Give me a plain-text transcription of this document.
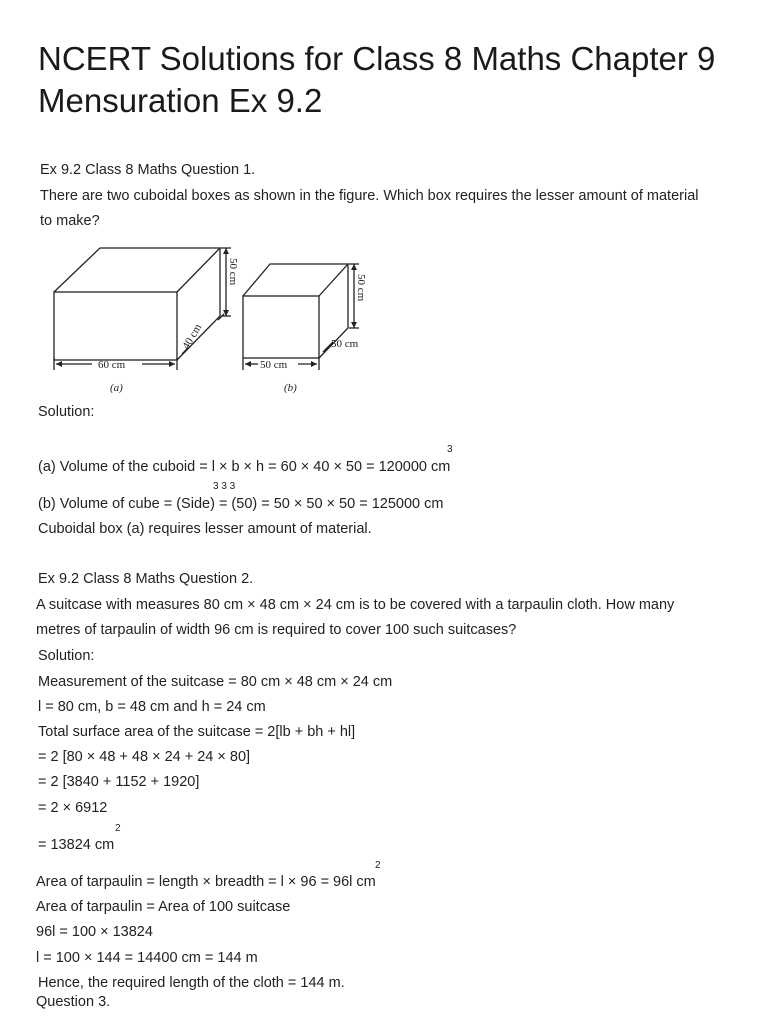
NCERT Solutions for Class 8 Maths Chapter 9 Mensuration Ex 9.2
Ex 9.2 Class 8 Maths Question 1.
There are two cuboidal boxes as shown in the figure. Which box requires the lesser amount of material
to make?
50 cm
40 cm
60 cm
(a)
50 cm
50 cm
50 cm
(b)
Solution:
3
(a) Volume of the cuboid = l × b × h = 60 × 40 × 50 = 120000 cm
3 3 3
(b) Volume of cube = (Side) = (50) = 50 × 50 × 50 = 125000 cm
Cuboidal box (a) requires lesser amount of material.
Ex 9.2 Class 8 Maths Question 2.
A suitcase with measures 80 cm × 48 cm × 24 cm is to be covered with a tarpaulin cloth. How many
metres of tarpaulin of width 96 cm is required to cover 100 such suitcases?
Solution:
Measurement of the suitcase = 80 cm × 48 cm × 24 cm
l = 80 cm, b = 48 cm and h = 24 cm
Total surface area of the suitcase = 2[lb + bh + hl]
= 2 [80 × 48 + 48 × 24 + 24 × 80]
= 2 [3840 + 1152 + 1920]
= 2 × 6912
2
= 13824 cm
2
Area of tarpaulin = length × breadth = l × 96 = 96l cm
Area of tarpaulin = Area of 100 suitcase
96l = 100 × 13824
l = 100 × 144 = 14400 cm = 144 m
Hence, the required length of the cloth = 144 m.
Question 3.
